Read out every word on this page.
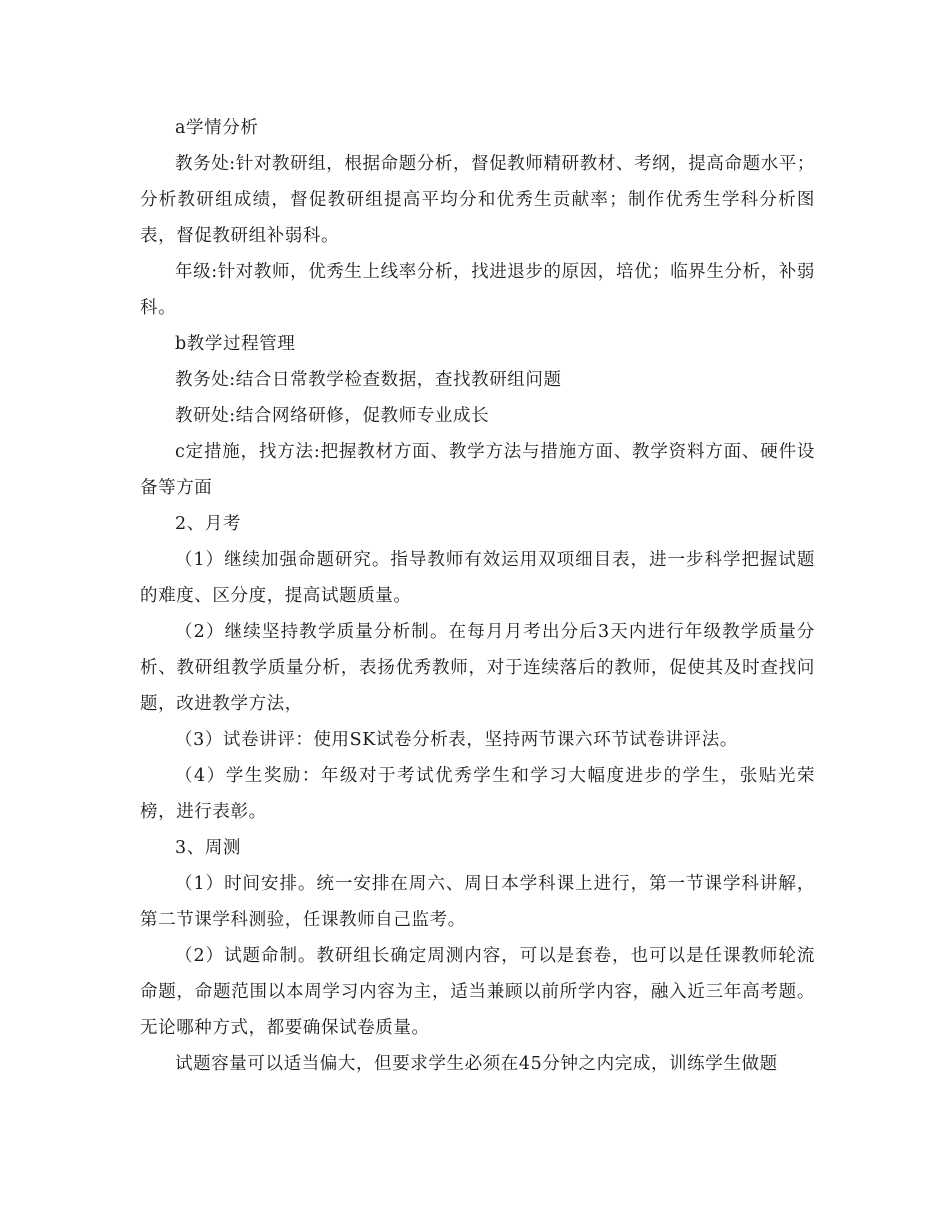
a学情分析

教务处:针对教研组，根据命题分析，督促教师精研教材、考纲，提高命题水平；分析教研组成绩，督促教研组提高平均分和优秀生贡献率；制作优秀生学科分析图表，督促教研组补弱科。

年级:针对教师，优秀生上线率分析，找进退步的原因，培优；临界生分析，补弱科。

b教学过程管理

教务处:结合日常教学检查数据，查找教研组问题

教研处:结合网络研修，促教师专业成长

c定措施，找方法:把握教材方面、教学方法与措施方面、教学资料方面、硬件设备等方面

2、月考

（1）继续加强命题研究。指导教师有效运用双项细目表，进一步科学把握试题的难度、区分度，提高试题质量。

（2）继续坚持教学质量分析制。在每月月考出分后3天内进行年级教学质量分析、教研组教学质量分析，表扬优秀教师，对于连续落后的教师，促使其及时查找问题，改进教学方法，

（3）试卷讲评：使用SK试卷分析表，坚持两节课六环节试卷讲评法。

（4）学生奖励：年级对于考试优秀学生和学习大幅度进步的学生，张贴光荣榜，进行表彰。

3、周测

（1）时间安排。统一安排在周六、周日本学科课上进行，第一节课学科讲解，第二节课学科测验，任课教师自己监考。

（2）试题命制。教研组长确定周测内容，可以是套卷，也可以是任课教师轮流命题，命题范围以本周学习内容为主，适当兼顾以前所学内容，融入近三年高考题。无论哪种方式，都要确保试卷质量。

试题容量可以适当偏大，但要求学生必须在45分钟之内完成，训练学生做题
